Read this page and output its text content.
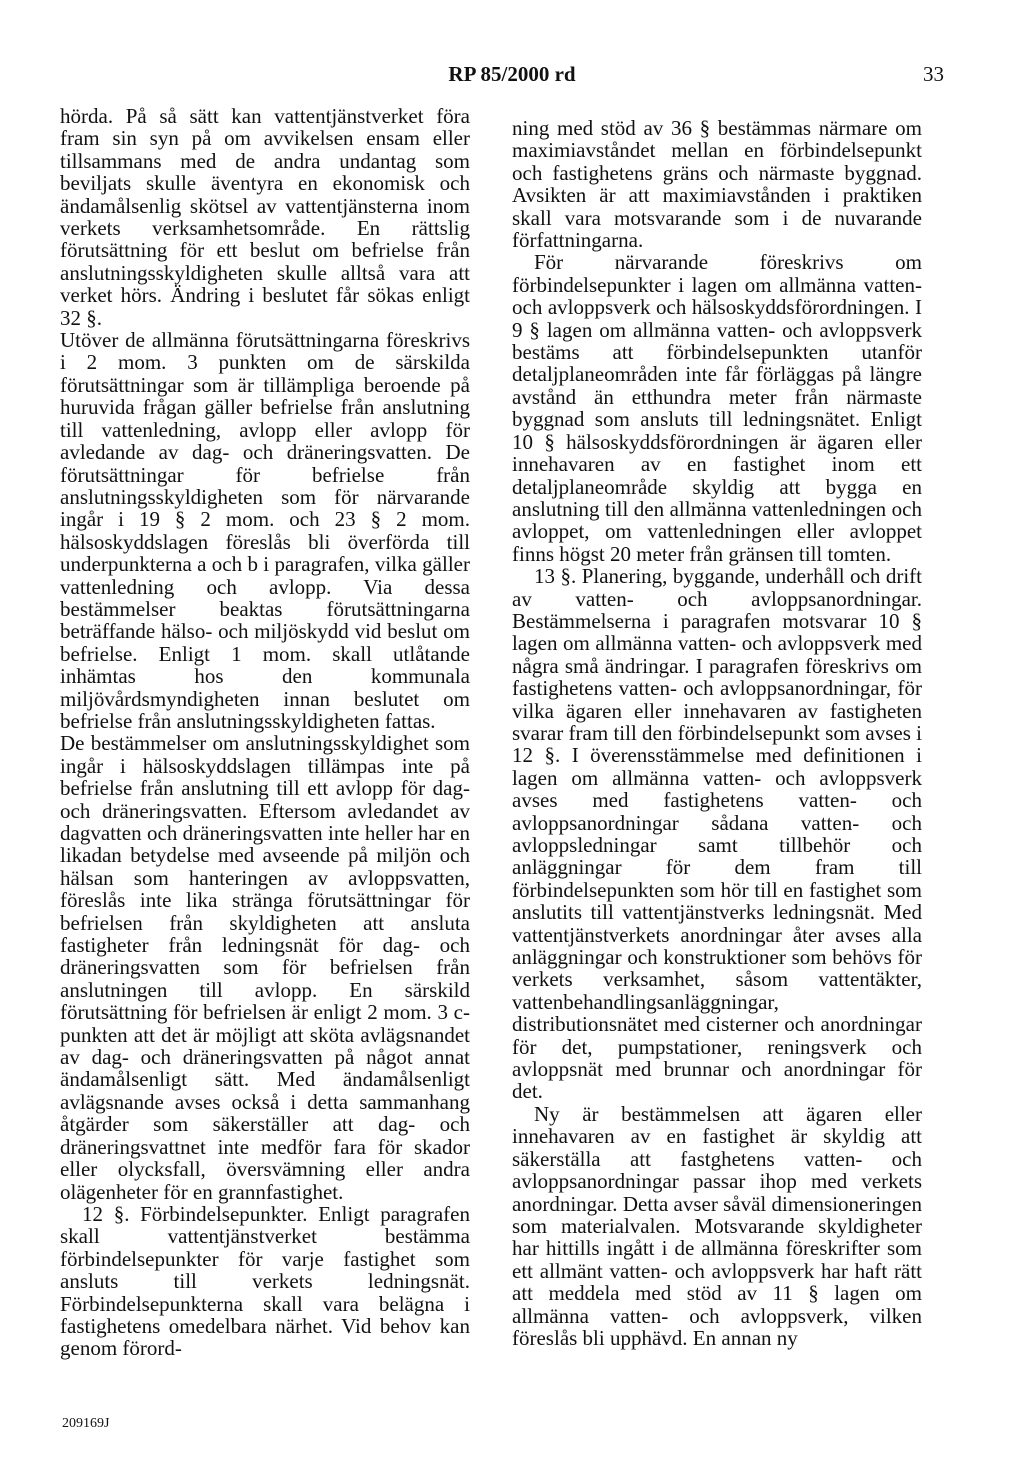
RP 85/2000 rd	33

hörda. På så sätt kan vattentjänstverket föra fram sin syn på om avvikelsen ensam eller tillsammans med de andra undantag som beviljats skulle äventyra en ekonomisk och ändamålsenlig skötsel av vattentjänsterna inom verkets verksamhetsområde. En rättslig förutsättning för ett beslut om befrielse från anslutningsskyldigheten skulle alltså vara att verket hörs. Ändring i beslutet får sökas enligt 32 §.

Utöver de allmänna förutsättningarna föreskrivs i 2 mom. 3 punkten om de särskilda förutsättningar som är tillämpliga beroende på huruvida frågan gäller befrielse från anslutning till vattenledning, avlopp eller avlopp för avledande av dag- och dräneringsvatten. De förutsättningar för befrielse från anslutningsskyldigheten som för närvarande ingår i 19 § 2 mom. och 23 § 2 mom. hälsoskyddslagen föreslås bli överförda till underpunkterna a och b i paragrafen, vilka gäller vattenledning och avlopp. Via dessa bestämmelser beaktas förutsättningarna beträffande hälso- och miljöskydd vid beslut om befrielse. Enligt 1 mom. skall utlåtande inhämtas hos den kommunala miljövårdsmyndigheten innan beslutet om befrielse från anslutningsskyldigheten fattas.

De bestämmelser om anslutningsskyldighet som ingår i hälsoskyddslagen tillämpas inte på befrielse från anslutning till ett avlopp för dag- och dräneringsvatten. Eftersom avledandet av dagvatten och dräneringsvatten inte heller har en likadan betydelse med avseende på miljön och hälsan som hanteringen av avloppsvatten, föreslås inte lika stränga förutsättningar för befrielsen från skyldigheten att ansluta fastigheter från ledningsnät för dag- och dräneringsvatten som för befrielsen från anslutningen till avlopp. En särskild förutsättning för befrielsen är enligt 2 mom. 3 c-punkten att det är möjligt att sköta avlägsnandet av dag- och dräneringsvatten på något annat ändamålsenligt sätt. Med ändamålsenligt avlägsnande avses också i detta sammanhang åtgärder som säkerställer att dag- och dräneringsvattnet inte medför fara för skador eller olycksfall, översvämning eller andra olägenheter för en grannfastighet.

12 §. Förbindelsepunkter. Enligt paragrafen skall vattentjänstverket bestämma förbindelsepunkter för varje fastighet som ansluts till verkets ledningsnät. Förbindelsepunkterna skall vara belägna i fastighetens omedelbara närhet. Vid behov kan genom förord-

ning med stöd av 36 § bestämmas närmare om maximiavståndet mellan en förbindelsepunkt och fastighetens gräns och närmaste byggnad. Avsikten är att maximiavstånden i praktiken skall vara motsvarande som i de nuvarande författningarna.

För närvarande föreskrivs om förbindelsepunkter i lagen om allmänna vatten- och avloppsverk och hälsoskyddsförordningen. I 9 § lagen om allmänna vatten- och avloppsverk bestäms att förbindelsepunkten utanför detaljplaneområden inte får förläggas på längre avstånd än etthundra meter från närmaste byggnad som ansluts till ledningsnätet. Enligt 10 § hälsoskyddsförordningen är ägaren eller innehavaren av en fastighet inom ett detaljplaneområde skyldig att bygga en anslutning till den allmänna vattenledningen och avloppet, om vattenledningen eller avloppet finns högst 20 meter från gränsen till tomten.

13 §. Planering, byggande, underhåll och drift av vatten- och avloppsanordningar. Bestämmelserna i paragrafen motsvarar 10 § lagen om allmänna vatten- och avloppsverk med några små ändringar. I paragrafen föreskrivs om fastighetens vatten- och avloppsanordningar, för vilka ägaren eller innehavaren av fastigheten svarar fram till den förbindelsepunkt som avses i 12 §. I överensstämmelse med definitionen i lagen om allmänna vatten- och avloppsverk avses med fastighetens vatten- och avloppsanordningar sådana vatten- och avloppsledningar samt tillbehör och anläggningar för dem fram till förbindelsepunkten som hör till en fastighet som anslutits till vattentjänstverks ledningsnät. Med vattentjänstverkets anordningar åter avses alla anläggningar och konstruktioner som behövs för verkets verksamhet, såsom vattentäkter, vattenbehandlingsanläggningar, distributionsnätet med cisterner och anordningar för det, pumpstationer, reningsverk och avloppsnät med brunnar och anordningar för det.

Ny är bestämmelsen att ägaren eller innehavaren av en fastighet är skyldig att säkerställa att fastghetens vatten- och avloppsanordningar passar ihop med verkets anordningar. Detta avser såväl dimensioneringen som materialvalen. Motsvarande skyldigheter har hittills ingått i de allmänna föreskrifter som ett allmänt vatten- och avloppsverk har haft rätt att meddela med stöd av 11 § lagen om allmänna vatten- och avloppsverk, vilken föreslås bli upphävd. En annan ny

209169J
